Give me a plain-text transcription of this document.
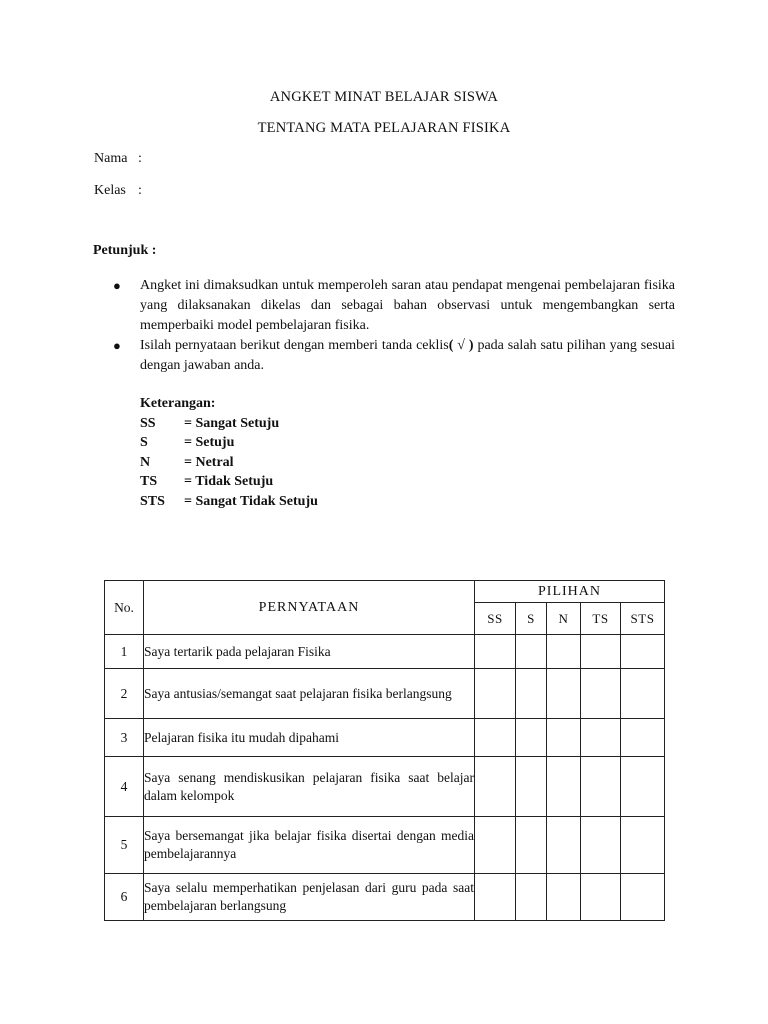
ANGKET MINAT BELAJAR SISWA
TENTANG MATA PELAJARAN FISIKA
Nama :
Kelas :
Petunjuk :
● Angket ini dimaksudkan untuk memperoleh saran atau pendapat mengenai pembelajaran fisika yang dilaksanakan dikelas dan sebagai bahan observasi untuk mengembangkan serta memperbaiki model pembelajaran fisika.
● Isilah pernyataan berikut dengan memberi tanda ceklis( √ ) pada salah satu pilihan yang sesuai dengan jawaban anda.
Keterangan:
SS = Sangat Setuju
S	= Setuju
N = Netral
TS = Tidak Setuju
STS = Sangat Tidak Setuju
No.	PERNYATAAN	PILIHAN				
		SS	S	N	TS	STS
1	Saya tertarik pada pelajaran Fisika					
2	Saya antusias/semangat saat pelajaran fisika berlangsung					
3	Pelajaran fisika itu mudah dipahami					
4	Saya senang mendiskusikan pelajaran fisika saat belajar dalam kelompok					
5	Saya bersemangat jika belajar fisika disertai dengan media pembelajarannya					
6	Saya selalu memperhatikan penjelasan dari guru pada saat pembelajaran berlangsung					
